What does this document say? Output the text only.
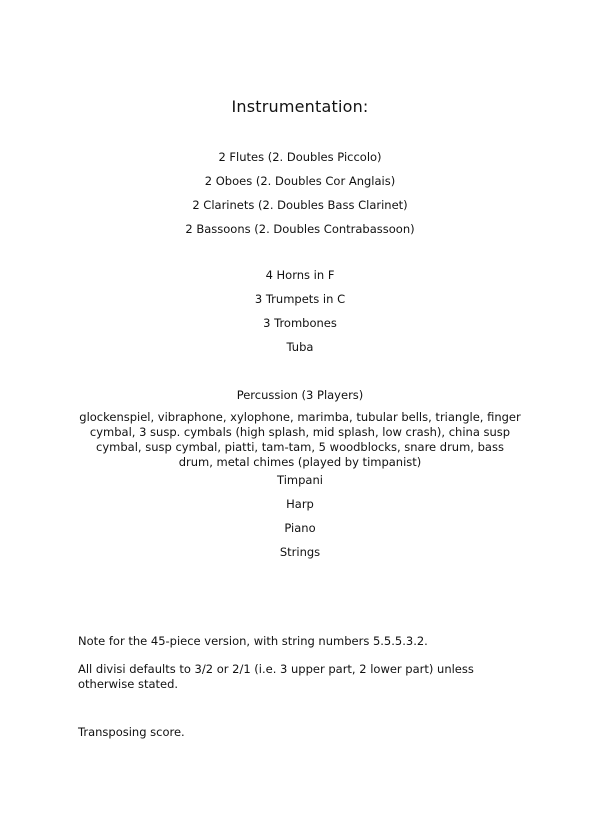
Instrumentation:
2 Flutes (2. Doubles Piccolo)
2 Oboes (2. Doubles Cor Anglais)
2 Clarinets (2. Doubles Bass Clarinet)
2 Bassoons (2. Doubles Contrabassoon)
4 Horns in F
3 Trumpets in C
3 Trombones
Tuba
Percussion (3 Players)
glockenspiel, vibraphone, xylophone, marimba, tubular bells, triangle, finger cymbal, 3 susp. cymbals (high splash, mid splash, low crash), china susp cymbal, susp cymbal, piatti, tam-tam, 5 woodblocks, snare drum, bass drum, metal chimes (played by timpanist)
Timpani
Harp
Piano
Strings
Note for the 45-piece version, with string numbers 5.5.5.3.2.
All divisi defaults to 3/2 or 2/1 (i.e. 3 upper part, 2 lower part) unless otherwise stated.
Transposing score.
